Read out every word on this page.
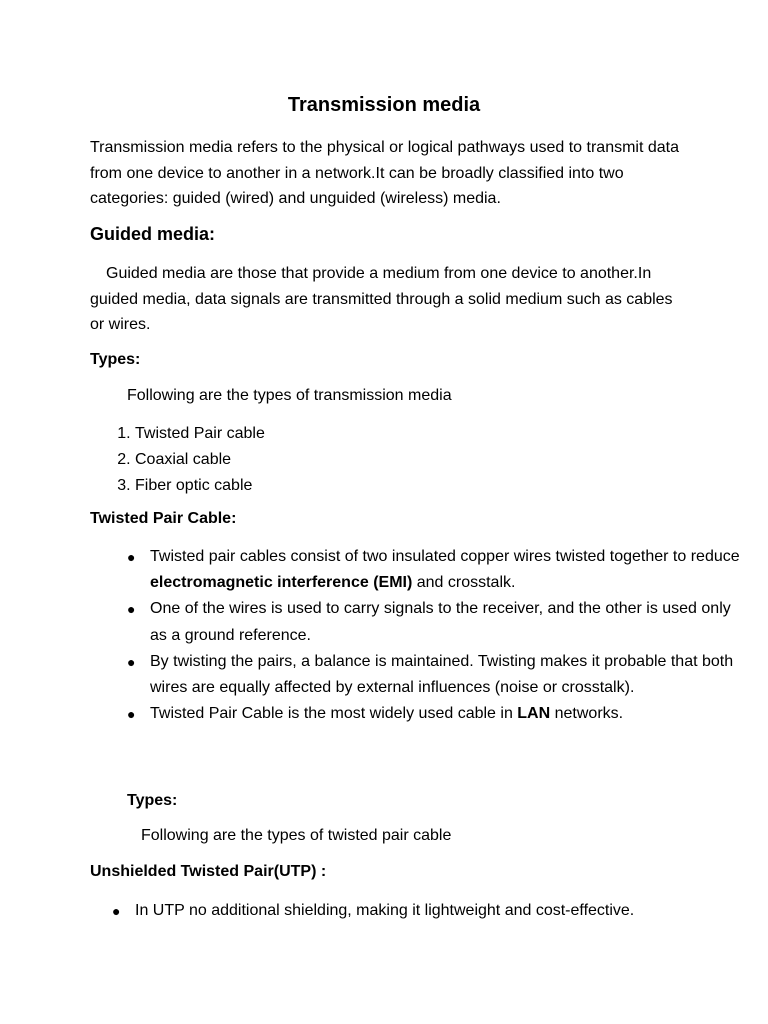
Transmission media

Transmission media refers to the physical or logical pathways used to transmit data from one device to another in a network.It can be broadly classified into two categories: guided (wired) and unguided (wireless) media.

Guided media:

Guided media are those that provide a medium from one device to another.In guided media, data signals are transmitted through a solid medium such as cables or wires.

Types:

Following are the types of transmission media

1. Twisted Pair cable
2. Coaxial cable
3. Fiber optic cable

Twisted Pair Cable:

● Twisted pair cables consist of two insulated copper wires twisted together to reduce electromagnetic interference (EMI) and crosstalk.
● One of the wires is used to carry signals to the receiver, and the other is used only as a ground reference.
● By twisting the pairs, a balance is maintained. Twisting makes it probable that both wires are equally affected by external influences (noise or crosstalk).
● Twisted Pair Cable is the most widely used cable in LAN networks.

Types:

Following are the types of twisted pair cable

Unshielded Twisted Pair(UTP) :

● In UTP no additional shielding, making it lightweight and cost-effective.
